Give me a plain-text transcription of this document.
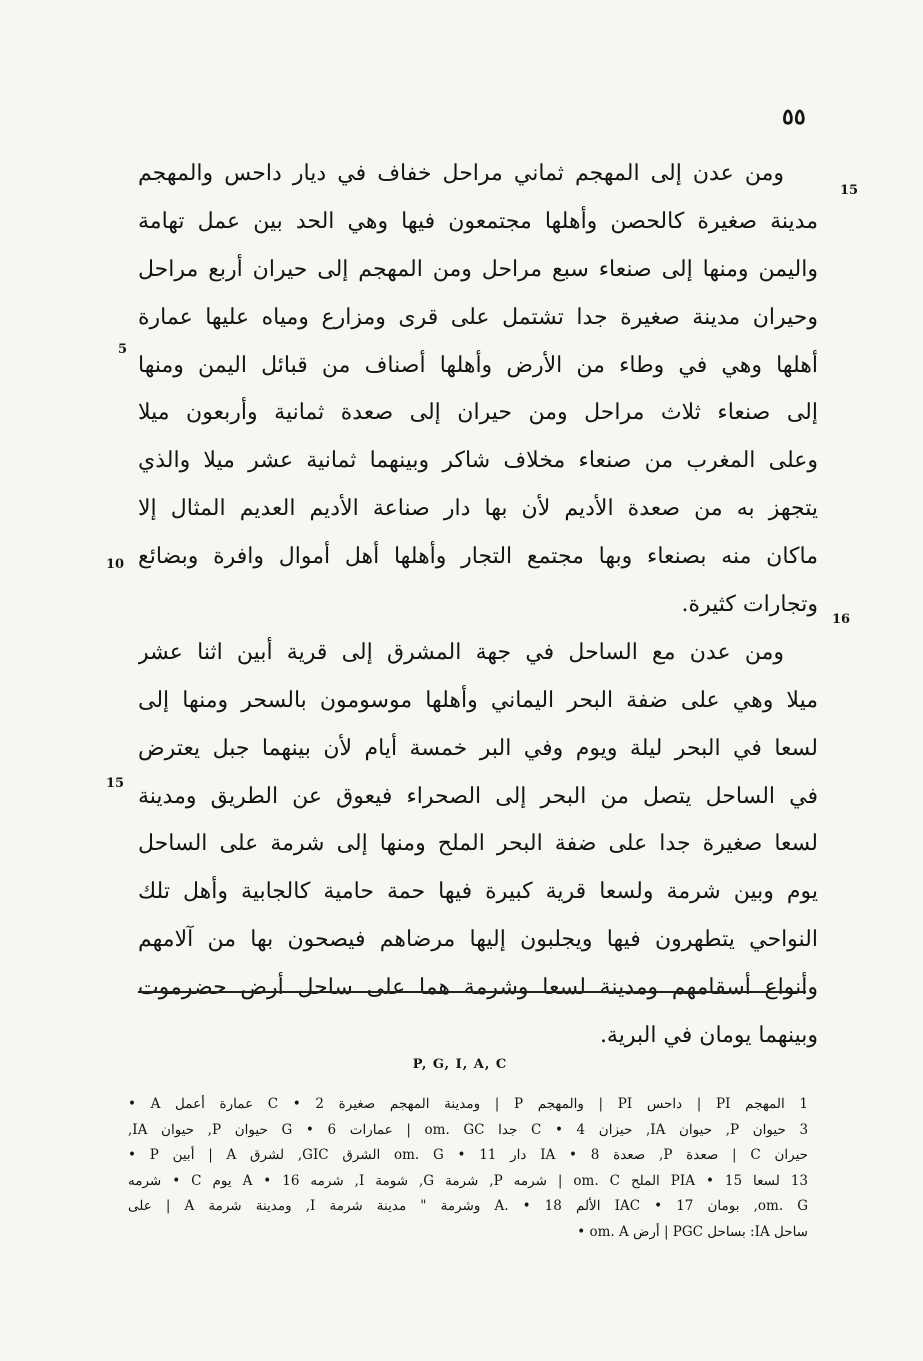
٥٥
15
5
10
16
15
ومن عدن إلى المهجم ثماني مراحل خفاف في ديار داحس والمهجم
مدينة صغيرة كالحصن وأهلها مجتمعون فيها وهي الحد بين عمل تهامة
واليمن ومنها إلى صنعاء سبع مراحل ومن المهجم إلى حيران أربع مراحل
وحيران مدينة صغيرة جدا تشتمل على قرى ومزارع ومياه عليها عمارة
أهلها وهي في وطاء من الأرض وأهلها أصناف من قبائل اليمن ومنها
إلى صنعاء ثلاث مراحل ومن حيران إلى صعدة ثمانية وأربعون ميلا
وعلى المغرب من صنعاء مخلاف شاكر وبينهما ثمانية عشر ميلا والذي
يتجهز به من صعدة الأديم لأن بها دار صناعة الأديم العديم المثال إلا
ماكان منه بصنعاء وبها مجتمع التجار وأهلها أهل أموال وافرة وبضائع
وتجارات كثيرة.
ومن عدن مع الساحل في جهة المشرق إلى قرية أبين اثنا عشر
ميلا وهي على ضفة البحر اليماني وأهلها موسومون بالسحر ومنها إلى
لسعا في البحر ليلة ويوم وفي البر خمسة أيام لأن بينهما جبل يعترض
في الساحل يتصل من البحر إلى الصحراء فيعوق عن الطريق ومدينة
لسعا صغيرة جدا على ضفة البحر الملح ومنها إلى شرمة على الساحل
يوم وبين شرمة ولسعا قرية كبيرة فيها حمة حامية كالجابية وأهل تلك
النواحي يتطهرون فيها ويجلبون إليها مرضاهم فيصحون بها من آلامهم
وأنواع أسقامهم ومدينة لسعا وشرمة هما على ساحل أرض حضرموت
وبينهما يومان في البرية.
P, G, I, A, C
1 المهجم PI | داحس PI | والمهجم P | ومدينة المهجم صغيرة C • 2 عمارة أعمل A •
3 حيوان P, حيوان IA, حيزان C • 4 جدا om. GC | عمارات G • 6 حيوان P, حيوان IA,
حيران C | صعدة P, صعدة IA • 8 دار om. G • 11 الشرق GIC, لشرق A | أبين P •
13 لسعا PIA • 15 الملح om. C | شرمه P, شرمة G, شومة I, شرمه A • 16 يوم C • شرمه
om. G, بومان IAC • 17 الألم A. • 18 وشرمة " مدينة شرمة I, ومدينة شرمة A | على
ساحل IA: بساحل PGC | أرض om. A •
